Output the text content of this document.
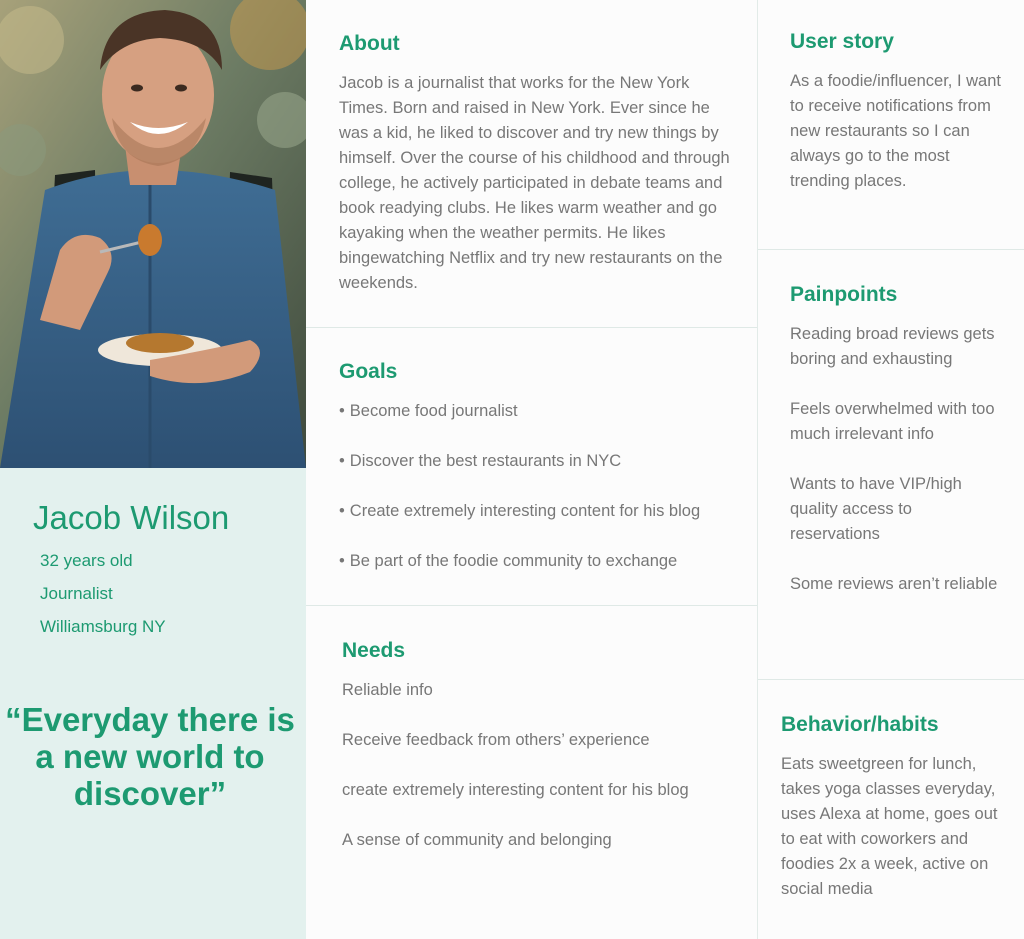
Jacob Wilson
32 years old
Journalist
Williamsburg NY

“Everyday there is a new world to discover”

About

Jacob is a journalist that works for the New York Times. Born and raised in New York. Ever since he was a kid, he liked to discover and try new things by himself. Over the course of his childhood and through college, he actively participated in debate teams and book readying clubs. He likes warm weather and go kayaking when the weather permits. He likes bingewatching Netflix and try new restaurants on the weekends.

Goals
• Become food journalist
• Discover the best restaurants in NYC
• Create extremely interesting content for his blog
• Be part of the foodie community to exchange
Needs
Reliable info
Receive feedback from others’ experience
create extremely interesting content for his blog
A sense of community and belonging
User story

As a foodie/influencer, I want to receive notifications from new restaurants so I can always go to the most trending places.

Painpoints
Reading broad reviews gets boring and exhausting
Feels overwhelmed with too much irrelevant info
Wants to have VIP/high quality access to reservations
Some reviews aren’t reliable
Behavior/habits

Eats sweetgreen for lunch, takes yoga classes everyday, uses Alexa at home, goes out to eat with coworkers and foodies 2x a week, active on social media
